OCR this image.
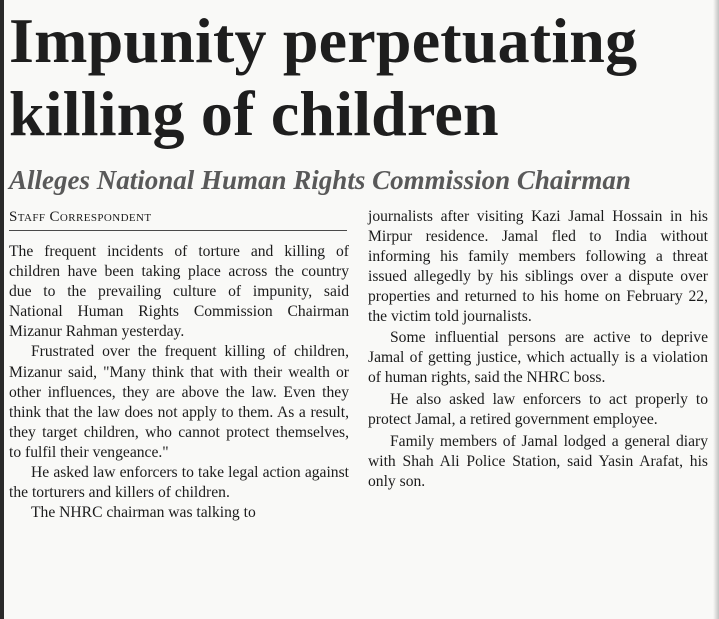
Impunity perpetuating killing of children
Alleges National Human Rights Commission Chairman
Staff Correspondent

The frequent incidents of torture and killing of children have been taking place across the country due to the prevailing culture of impunity, said National Human Rights Commission Chairman Mizanur Rahman yesterday.

Frustrated over the frequent killing of children, Mizanur said, "Many think that with their wealth or other influences, they are above the law. Even they think that the law does not apply to them. As a result, they target children, who cannot protect themselves, to fulfil their vengeance."

He asked law enforcers to take legal action against the torturers and killers of children.

The NHRC chairman was talking to

journalists after visiting Kazi Jamal Hossain in his Mirpur residence. Jamal fled to India without informing his family members following a threat issued allegedly by his siblings over a dispute over properties and returned to his home on February 22, the victim told journalists.

Some influential persons are active to deprive Jamal of getting justice, which actually is a violation of human rights, said the NHRC boss.

He also asked law enforcers to act properly to protect Jamal, a retired government employee.

Family members of Jamal lodged a general diary with Shah Ali Police Station, said Yasin Arafat, his only son.
